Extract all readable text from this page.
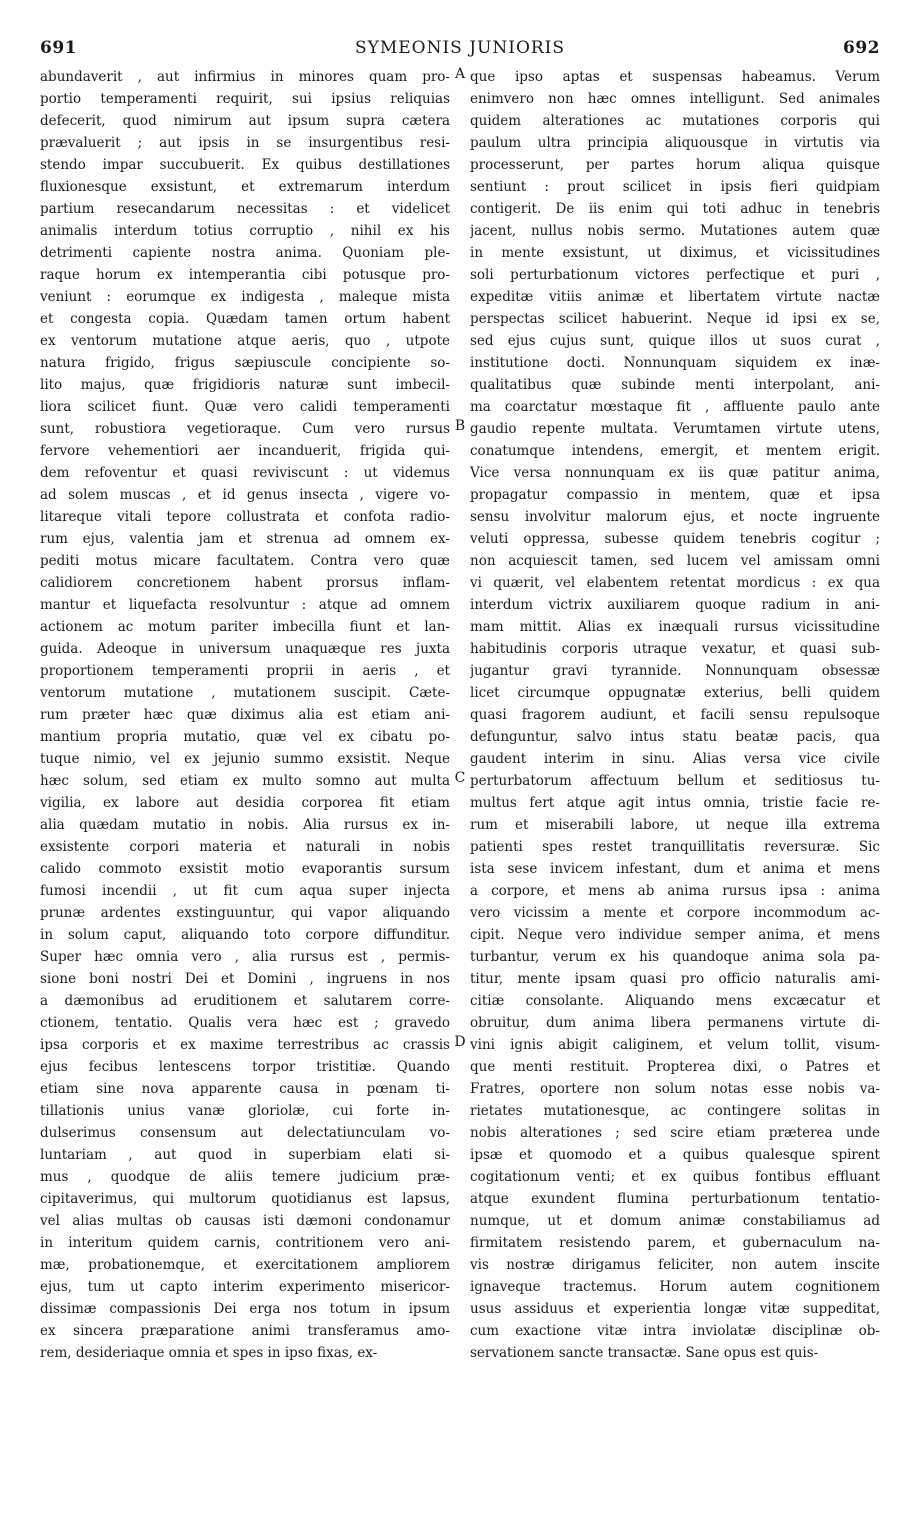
691	SYMEONIS JUNIORIS	692
abundaverit , aut infirmius in minores quam pro-
portio temperamenti requirit, sui ipsius reliquias
defecerit, quod nimirum aut ipsum supra cætera
prævaluerit ; aut ipsis in se insurgentibus resi-
stendo impar succubuerit. Ex quibus destillationes
fluxionesque exsistunt, et extremarum interdum
partium resecandarum necessitas : et videlicet
animalis interdum totius corruptio , nihil ex his
detrimenti capiente nostra anima. Quoniam ple-
raque horum ex intemperantia cibi potusque pro-
veniunt : eorumque ex indigesta , maleque mista
et congesta copia. Quædam tamen ortum habent
ex ventorum mutatione atque aeris, quo , utpote
natura frigido, frigus sæpiuscule concipiente so-
lito majus, quæ frigidioris naturæ sunt imbecil-
liora scilicet fiunt. Quæ vero calidi temperamenti
sunt, robustiora vegetioraque. Cum vero rursus
fervore vehementiori aer incanduerit, frigida qui-
dem refoventur et quasi reviviscunt : ut videmus
ad solem muscas , et id genus insecta , vigere vo-
litareque vitali tepore collustrata et confota radio-
rum ejus, valentia jam et strenua ad omnem ex-
pediti motus micare facultatem. Contra vero quæ
calidiorem concretionem habent prorsus inflam-
mantur et liquefacta resolvuntur : atque ad omnem
actionem ac motum pariter imbecilla fiunt et lan-
guida. Adeoque in universum unaquæque res juxta
proportionem temperamenti proprii in aeris , et
ventorum mutatione , mutationem suscipit. Cæte-
rum præter hæc quæ diximus alia est etiam ani-
mantium propria mutatio, quæ vel ex cibatu po-
tuque nimio, vel ex jejunio summo exsistit. Neque
hæc solum, sed etiam ex multo somno aut multa
vigilia, ex labore aut desidia corporea fit etiam
alia quædam mutatio in nobis. Alia rursus ex in-
exsistente corpori materia et naturali in nobis
calido commoto exsistit motio evaporantis sursum
fumosi incendii , ut fit cum aqua super injecta
prunæ ardentes exstinguuntur, qui vapor aliquando
in solum caput, aliquando toto corpore diffunditur.
Super hæc omnia vero , alia rursus est , permis-
sione boni nostri Dei et Domini , ingruens in nos
a dæmonibus ad eruditionem et salutarem corre-
ctionem, tentatio. Qualis vera hæc est ; gravedo
ipsa corporis et ex maxime terrestribus ac crassis
ejus fecibus lentescens torpor tristitiæ. Quando
etiam sine nova apparente causa in pœnam ti-
tillationis unius vanæ gloriolæ, cui forte in-
dulserimus consensum aut delectatiunculam vo-
luntariam , aut quod in superbiam elati si-
mus , quodque de aliis temere judicium præ-
cipitaverimus, qui multorum quotidianus est lapsus,
vel alias multas ob causas isti dæmoni condonamur
in interitum quidem carnis, contritionem vero ani-
mæ, probationemque, et exercitationem ampliorem
ejus, tum ut capto interim experimento misericor-
dissimæ compassionis Dei erga nos totum in ipsum
ex sincera præparatione animi transferamus amo-
rem, desideriaque omnia et spes in ipso fixas, ex-
que ipso aptas et suspensas habeamus. Verum
enimvero non hæc omnes intelligunt. Sed animales
quidem alterationes ac mutationes corporis qui
paulum ultra principia aliquousque in virtutis via
processerunt, per partes horum aliqua quisque
sentiunt : prout scilicet in ipsis fieri quidpiam
contigerit. De iis enim qui toti adhuc in tenebris
jacent, nullus nobis sermo. Mutationes autem quæ
in mente exsistunt, ut diximus, et vicissitudines
soli perturbationum victores perfectique et puri ,
expeditæ vitiis animæ et libertatem virtute nactæ
perspectas scilicet habuerint. Neque id ipsi ex se,
sed ejus cujus sunt, quique illos ut suos curat ,
institutione docti. Nonnunquam siquidem ex inæ-
qualitatibus quæ subinde menti interpolant, ani-
ma coarctatur mœstaque fit , affluente paulo ante
gaudio repente multata. Verumtamen virtute utens,
conatumque intendens, emergit, et mentem erigit.
Vice versa nonnunquam ex iis quæ patitur anima,
propagatur compassio in mentem, quæ et ipsa
sensu involvitur malorum ejus, et nocte ingruente
veluti oppressa, subesse quidem tenebris cogitur ;
non acquiescit tamen, sed lucem vel amissam omni
vi quærit, vel elabentem retentat mordicus : ex qua
interdum victrix auxiliarem quoque radium in ani-
mam mittit. Alias ex inæquali rursus vicissitudine
habitudinis corporis utraque vexatur, et quasi sub-
jugantur gravi tyrannide. Nonnunquam obsessæ
licet circumque oppugnatæ exterius, belli quidem
quasi fragorem audiunt, et facili sensu repulsoque
defunguntur, salvo intus statu beatæ pacis, qua
gaudent interim in sinu. Alias versa vice civile
perturbatorum affectuum bellum et seditiosus tu-
multus fert atque agit intus omnia, tristie facie re-
rum et miserabili labore, ut neque illa extrema
patienti spes restet tranquillitatis reversuræ. Sic
ista sese invicem infestant, dum et anima et mens
a corpore, et mens ab anima rursus ipsa : anima
vero vicissim a mente et corpore incommodum ac-
cipit. Neque vero individue semper anima, et mens
turbantur, verum ex his quandoque anima sola pa-
titur, mente ipsam quasi pro officio naturalis ami-
citiæ consolante. Aliquando mens excæcatur et
obruitur, dum anima libera permanens virtute di-
vini ignis abigit caliginem, et velum tollit, visum-
que menti restituit. Propterea dixi, o Patres et
Fratres, oportere non solum notas esse nobis va-
rietates mutationesque, ac contingere solitas in
nobis alterationes ; sed scire etiam præterea unde
ipsæ et quomodo et a quibus qualesque spirent
cogitationum venti; et ex quibus fontibus effluant
atque exundent flumina perturbationum tentatio-
numque, ut et domum animæ constabiliamus ad
firmitatem resistendo parem, et gubernaculum na-
vis nostræ dirigamus feliciter, non autem inscite
ignaveque tractemus. Horum autem cognitionem
usus assiduus et experientia longæ vitæ suppeditat,
cum exactione vitæ intra inviolatæ disciplinæ ob-
servationem sancte transactæ. Sane opus est quis-
A
B
C
D
